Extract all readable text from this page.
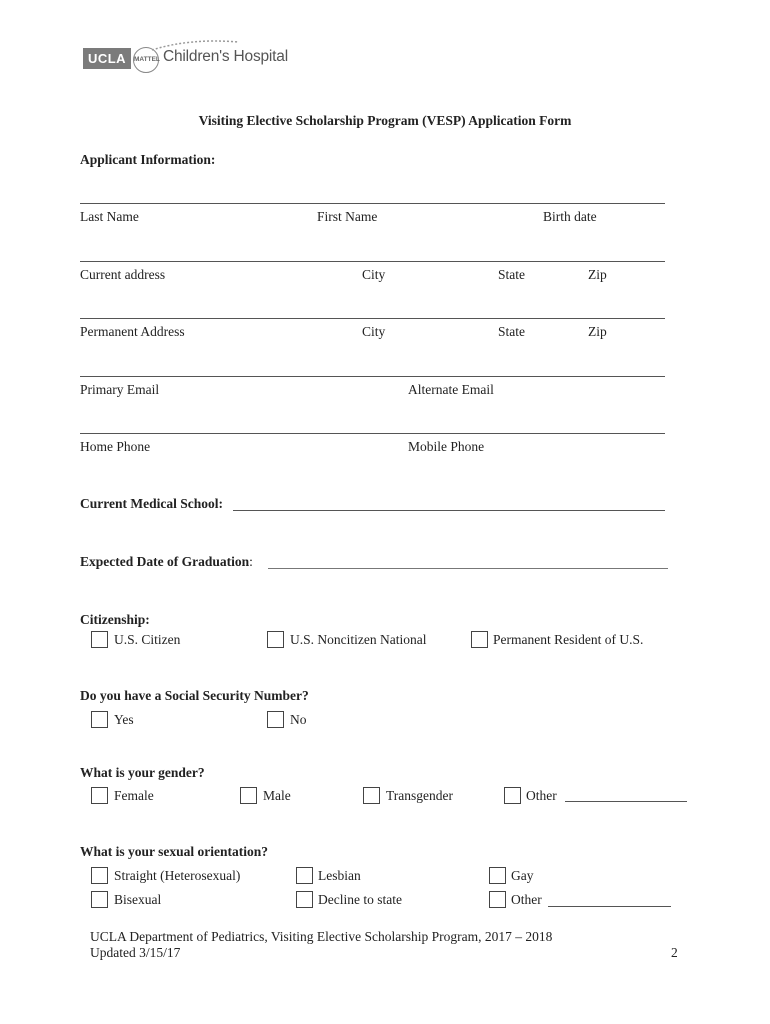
UCLA	MATTEL Children's Hospital
Visiting Elective Scholarship Program (VESP) Application Form
Applicant Information:
Last Name	First Name	Birth date
Current address	City	State	Zip
Permanent Address	City	State	Zip
Primary Email	Alternate Email
Home Phone	Mobile Phone
Current Medical School:
Expected Date of Graduation:
Citizenship:
U.S. Citizen	U.S. Noncitizen National	Permanent Resident of U.S.
Do you have a Social Security Number?
Yes	No
What is your gender?
Female	Male	Transgender	Other
What is your sexual orientation?
Straight (Heterosexual)	Lesbian	Gay
Bisexual	Decline to state	Other
UCLA Department of Pediatrics, Visiting Elective Scholarship Program, 2017 – 2018
Updated 3/15/17	2
